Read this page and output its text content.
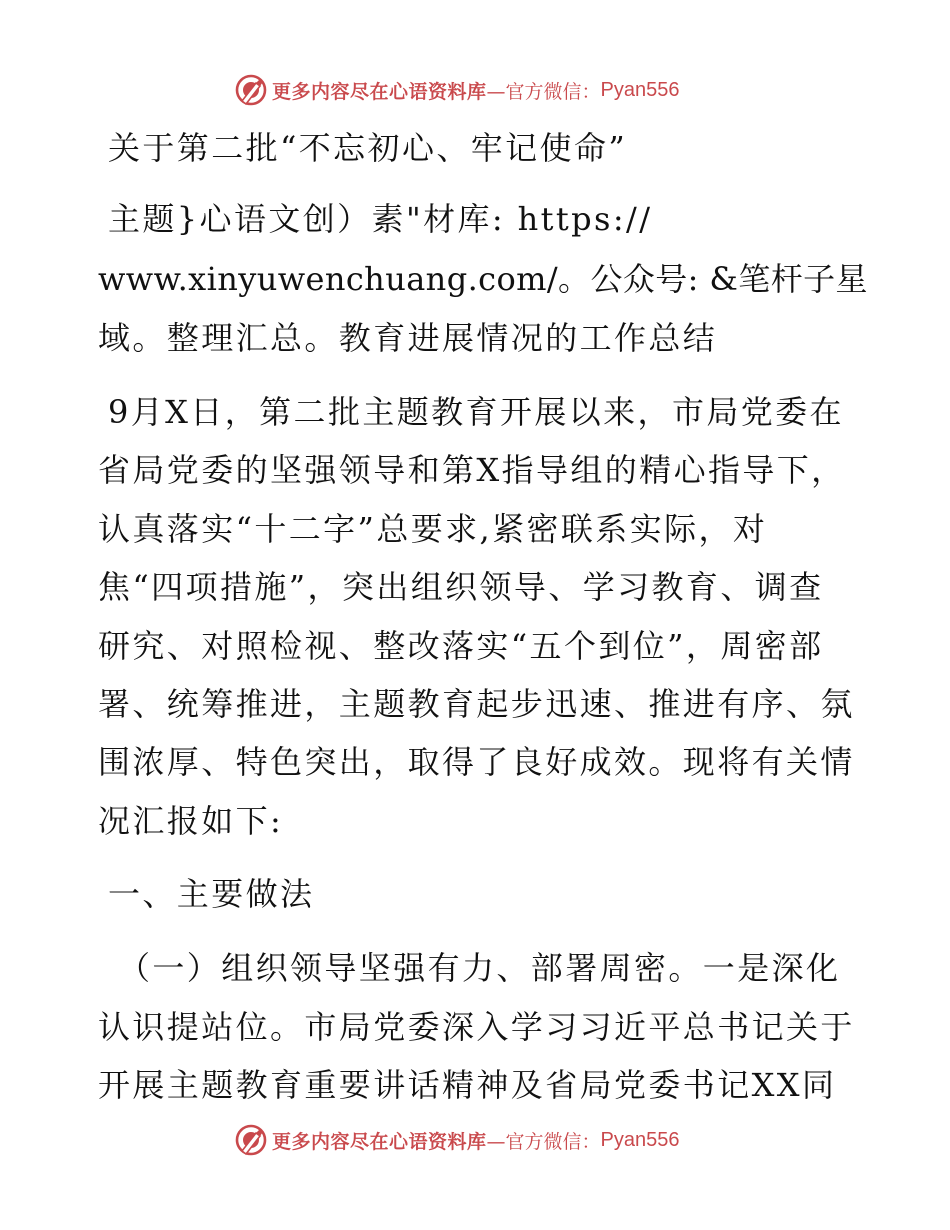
更多内容尽在心语资料库 —官方微信： Pyan556

关于第二批“不忘初心、牢记使命”

主题}心语文创）素"材库: https://

www.xinyuwenchuang.com/。公众号: &笔杆子星

域。整理汇总。教育进展情况的工作总结

9月X日，第二批主题教育开展以来，市局党委在

省局党委的坚强领导和第X指导组的精心指导下，

认真落实“十二字”总要求,紧密联系实际，对

焦“四项措施”，突出组织领导、学习教育、调查

研究、对照检视、整改落实“五个到位”，周密部

署、统筹推进，主题教育起步迅速、推进有序、氛

围浓厚、特色突出，取得了良好成效。现将有关情

况汇报如下:

一、主要做法

（一）组织领导坚强有力、部署周密。一是深化

认识提站位。市局党委深入学习习近平总书记关于

开展主题教育重要讲话精神及省局党委书记XX同

更多内容尽在心语资料库 —官方微信： Pyan556
